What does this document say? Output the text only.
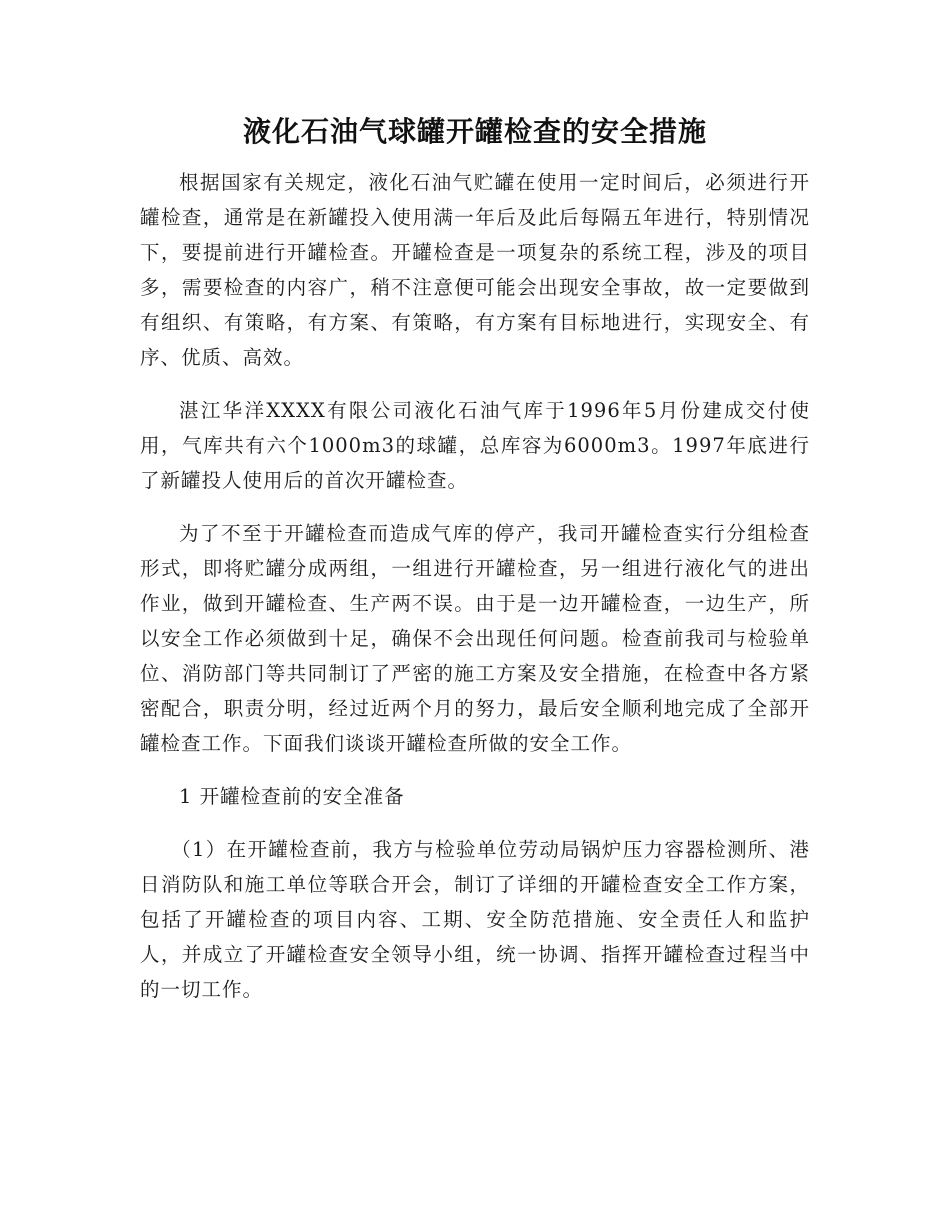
液化石油气球罐开罐检查的安全措施

根据国家有关规定，液化石油气贮罐在使用一定时间后，必须进行开罐检查，通常是在新罐投入使用满一年后及此后每隔五年进行，特别情况下，要提前进行开罐检查。开罐检查是一项复杂的系统工程，涉及的项目多，需要检查的内容广，稍不注意便可能会出现安全事故，故一定要做到有组织、有策略，有方案、有策略，有方案有目标地进行，实现安全、有序、优质、高效。

湛江华洋XXXX有限公司液化石油气库于1996年5月份建成交付使用，气库共有六个1000m3的球罐，总库容为6000m3。1997年底进行了新罐投人使用后的首次开罐检查。

为了不至于开罐检查而造成气库的停产，我司开罐检查实行分组检查形式，即将贮罐分成两组，一组进行开罐检查，另一组进行液化气的进出作业，做到开罐检查、生产两不误。由于是一边开罐检查，一边生产，所以安全工作必须做到十足，确保不会出现任何问题。检查前我司与检验单位、消防部门等共同制订了严密的施工方案及安全措施，在检查中各方紧密配合，职责分明，经过近两个月的努力，最后安全顺利地完成了全部开罐检查工作。下面我们谈谈开罐检查所做的安全工作。

1 开罐检查前的安全准备

（1）在开罐检查前，我方与检验单位劳动局锅炉压力容器检测所、港日消防队和施工单位等联合开会，制订了详细的开罐检查安全工作方案，包括了开罐检查的项目内容、工期、安全防范措施、安全责任人和监护人，并成立了开罐检查安全领导小组，统一协调、指挥开罐检查过程当中的一切工作。
